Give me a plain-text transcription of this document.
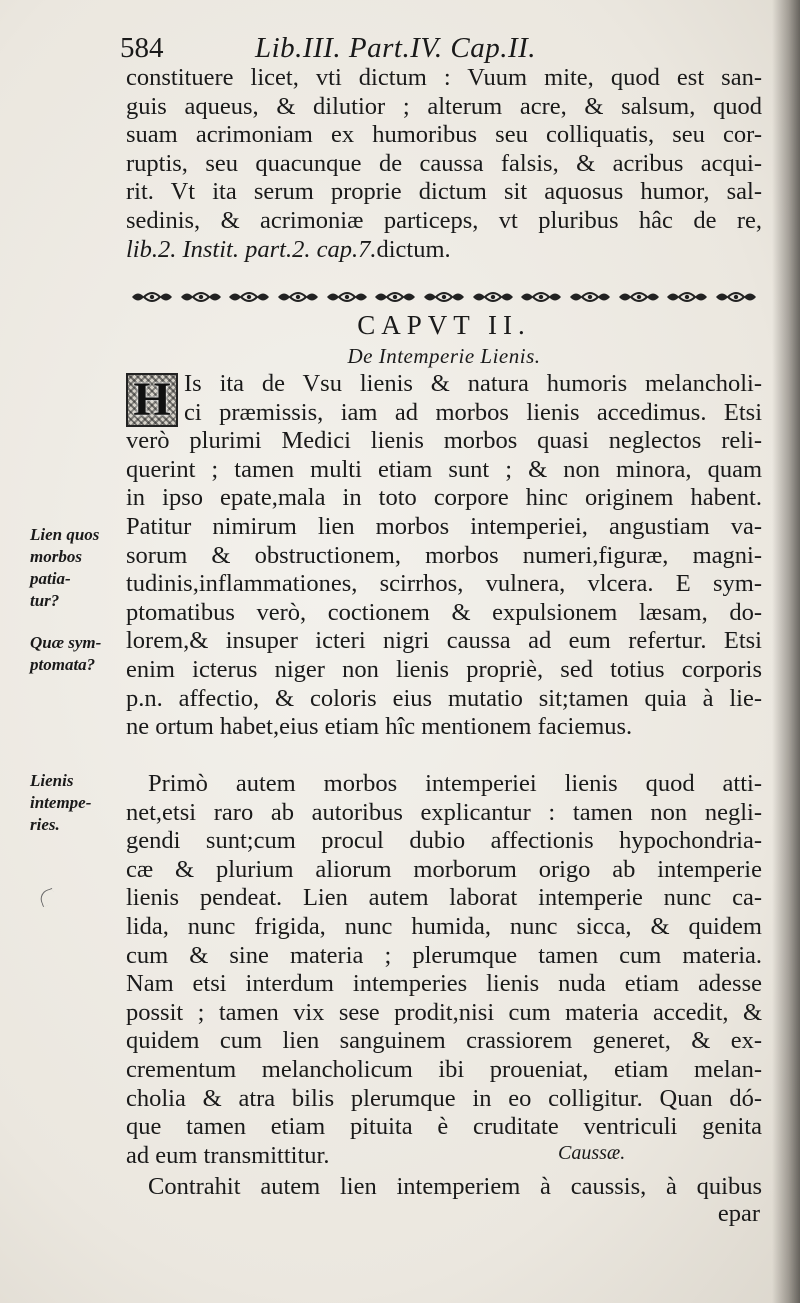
584	Lib.III. Part.IV. Cap.II.
constituere licet, vti dictum : Vuum mite, quod est san-
guis aqueus, & dilutior ; alterum acre, & salsum, quod
suam acrimoniam ex humoribus seu colliquatis, seu cor-
ruptis, seu quacunque de caussa falsis, & acribus acqui-
rit. Vt ita serum proprie dictum sit aquosus humor, sal-
sedinis, & acrimoniæ particeps, vt pluribus hâc de re,
lib.2. Instit. part.2. cap.7.dictum.
CAPVT II.
De Intemperie Lienis.
H Is ita de Vsu lienis & natura humoris melancholi-
ci præmissis, iam ad morbos lienis accedimus. Etsi
verò plurimi Medici lienis morbos quasi neglectos reli-
querint ; tamen multi etiam sunt ; & non minora, quam
in ipso epate,mala in toto corpore hinc originem habent.
Patitur nimirum lien morbos intemperiei, angustiam va-
sorum & obstructionem, morbos numeri,figuræ, magni-
tudinis,inflammationes, scirrhos, vulnera, vlcera. E sym-
ptomatibus verò, coctionem & expulsionem læsam, do-
lorem,& insuper icteri nigri caussa ad eum refertur. Etsi
enim icterus niger non lienis propriè, sed totius corporis
p.n. affectio, & coloris eius mutatio sit;tamen quia à lie-
ne ortum habet,eius etiam hîc mentionem faciemus.
Primò autem morbos intemperiei lienis quod atti-
net,etsi raro ab autoribus explicantur : tamen non negli-
gendi sunt;cum procul dubio affectionis hypochondria-
cæ & plurium aliorum morborum origo ab intemperie
lienis pendeat. Lien autem laborat intemperie nunc ca-
lida, nunc frigida, nunc humida, nunc sicca, & quidem
cum & sine materia ; plerumque tamen cum materia.
Nam etsi interdum intemperies lienis nuda etiam adesse
possit ; tamen vix sese prodit,nisi cum materia accedit, &
quidem cum lien sanguinem crassiorem generet, & ex-
crementum melancholicum ibi proueniat, etiam melan-
cholia & atra bilis plerumque in eo colligitur. Quan dó-
que tamen etiam pituita è cruditate ventriculi genita
ad eum transmittitur.	Caussæ.
Contrahit autem lien intemperiem à caussis, à quibus
epar
Lien quos
morbos
patia-
tur?
Quæ sym-
ptomata?
Lienis
intempe-
ries.
